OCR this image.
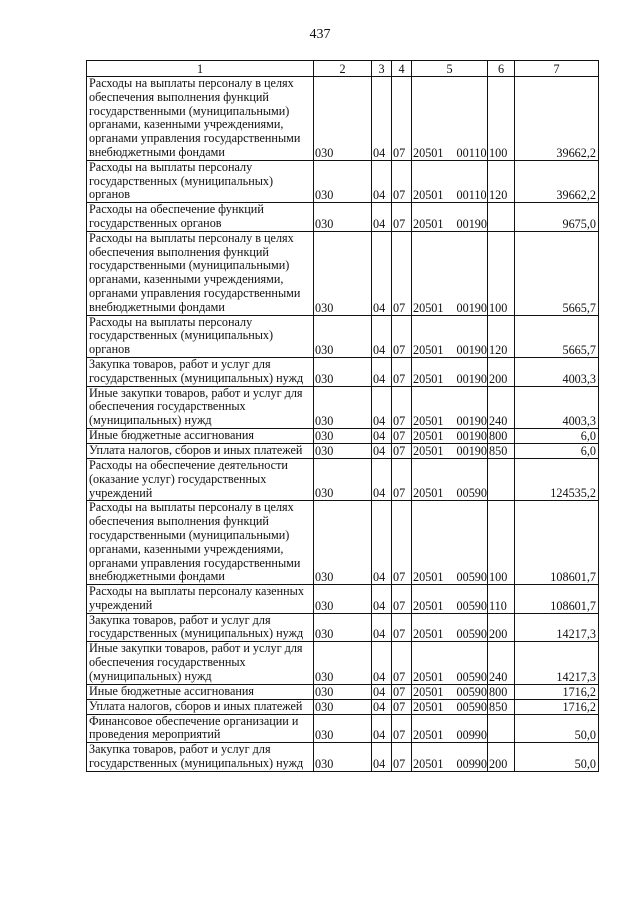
437
1	2	3	4	5	6	7
Расходы на выплаты персоналу в целях обеспечения выполнения функций государственными (муниципальными) органами, казенными учреждениями, органами управления государственными внебюджетными фондами	030	04	07	20501 00110	100	39662,2
Расходы на выплаты персоналу государственных (муниципальных) органов	030	04	07	20501 00110	120	39662,2
Расходы на обеспечение функций государственных органов	030	04	07	20501 00190		9675,0
Расходы на выплаты персоналу в целях обеспечения выполнения функций государственными (муниципальными) органами, казенными учреждениями, органами управления государственными внебюджетными фондами	030	04	07	20501 00190	100	5665,7
Расходы на выплаты персоналу государственных (муниципальных) органов	030	04	07	20501 00190	120	5665,7
Закупка товаров, работ и услуг для государственных (муниципальных) нужд	030	04	07	20501 00190	200	4003,3
Иные закупки товаров, работ и услуг для обеспечения государственных (муниципальных) нужд	030	04	07	20501 00190	240	4003,3
Иные бюджетные ассигнования	030	04	07	20501 00190	800	6,0
Уплата налогов, сборов и иных платежей	030	04	07	20501 00190	850	6,0
Расходы на обеспечение деятельности (оказание услуг) государственных учреждений	030	04	07	20501 00590		124535,2
Расходы на выплаты персоналу в целях обеспечения выполнения функций государственными (муниципальными) органами, казенными учреждениями, органами управления государственными внебюджетными фондами	030	04	07	20501 00590	100	108601,7
Расходы на выплаты персоналу казенных учреждений	030	04	07	20501 00590	110	108601,7
Закупка товаров, работ и услуг для государственных (муниципальных) нужд	030	04	07	20501 00590	200	14217,3
Иные закупки товаров, работ и услуг для обеспечения государственных (муниципальных) нужд	030	04	07	20501 00590	240	14217,3
Иные бюджетные ассигнования	030	04	07	20501 00590	800	1716,2
Уплата налогов, сборов и иных платежей	030	04	07	20501 00590	850	1716,2
Финансовое обеспечение организации и проведения мероприятий	030	04	07	20501 00990		50,0
Закупка товаров, работ и услуг для государственных (муниципальных) нужд	030	04	07	20501 00990	200	50,0
